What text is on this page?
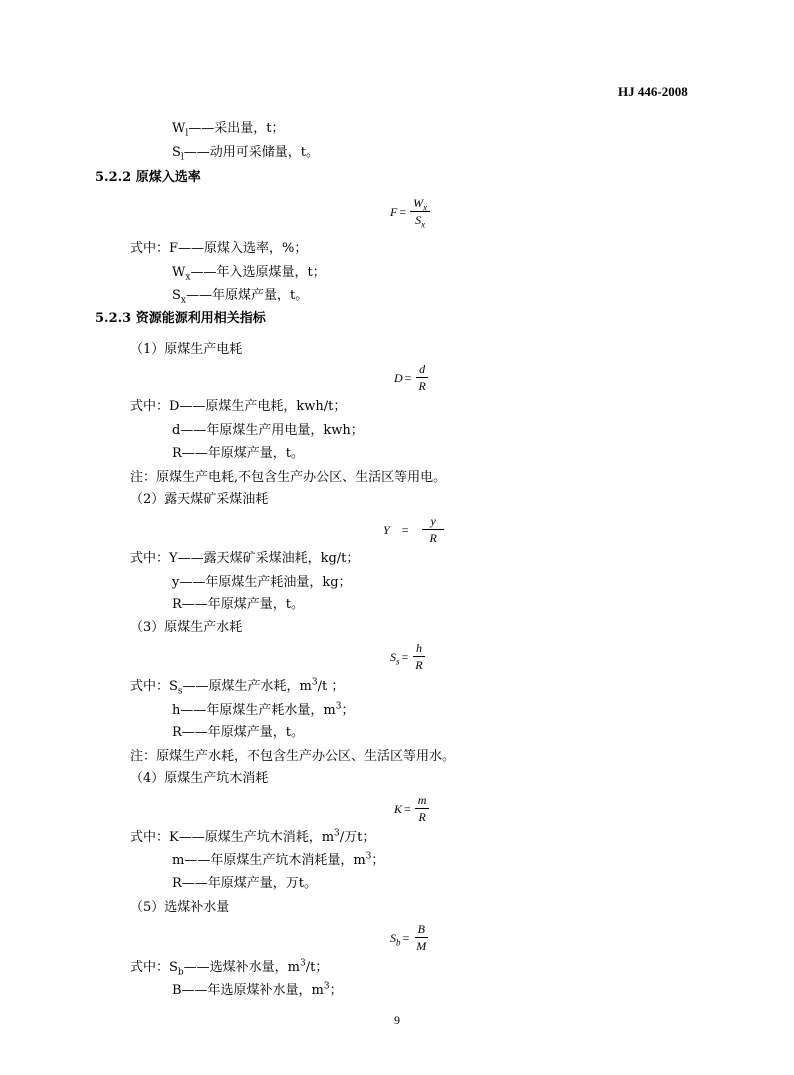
HJ 446-2008
$W_l——$采出量，t；
$S_l——$动用可采储量，t。
5.2.2 原煤入选率
$F = \frac{W_x}{S_x}$
式中：F——原煤入选率，%；
$W_x——$年入选原煤量，t；
$S_x——$年原煤产量，t。
5.2.3 资源能源利用相关指标
（1）原煤生产电耗
$D = \frac{d}{R}$
式中：D——原煤生产电耗，kwh/t；
d——年原煤生产用电量，kwh；
R——年原煤产量，t。
注：原煤生产电耗,不包含生产办公区、生活区等用电。
（2）露天煤矿采煤油耗
$Y = \frac{y}{R}$
式中：Y——露天煤矿采煤油耗，kg/t；
y——年原煤生产耗油量，kg；
R——年原煤产量，t。
（3）原煤生产水耗
$S_s = \frac{h}{R}$
式中：$S_s——$原煤生产水耗，$m^3/t$ ；
h——年原煤生产耗水量，$m^3$；
R——年原煤产量，t。
注：原煤生产水耗，不包含生产办公区、生活区等用水。
（4）原煤生产坑木消耗
$K = \frac{m}{R}$
式中：K——原煤生产坑木消耗，$m^3/$万t；
m——年原煤生产坑木消耗量，$m^3$；
R——年原煤产量，万t。
（5）选煤补水量
$S_b = \frac{B}{M}$
式中：$S_b——$选煤补水量，$m^3/t$；
B——年选原煤补水量，$m^3$；
9
